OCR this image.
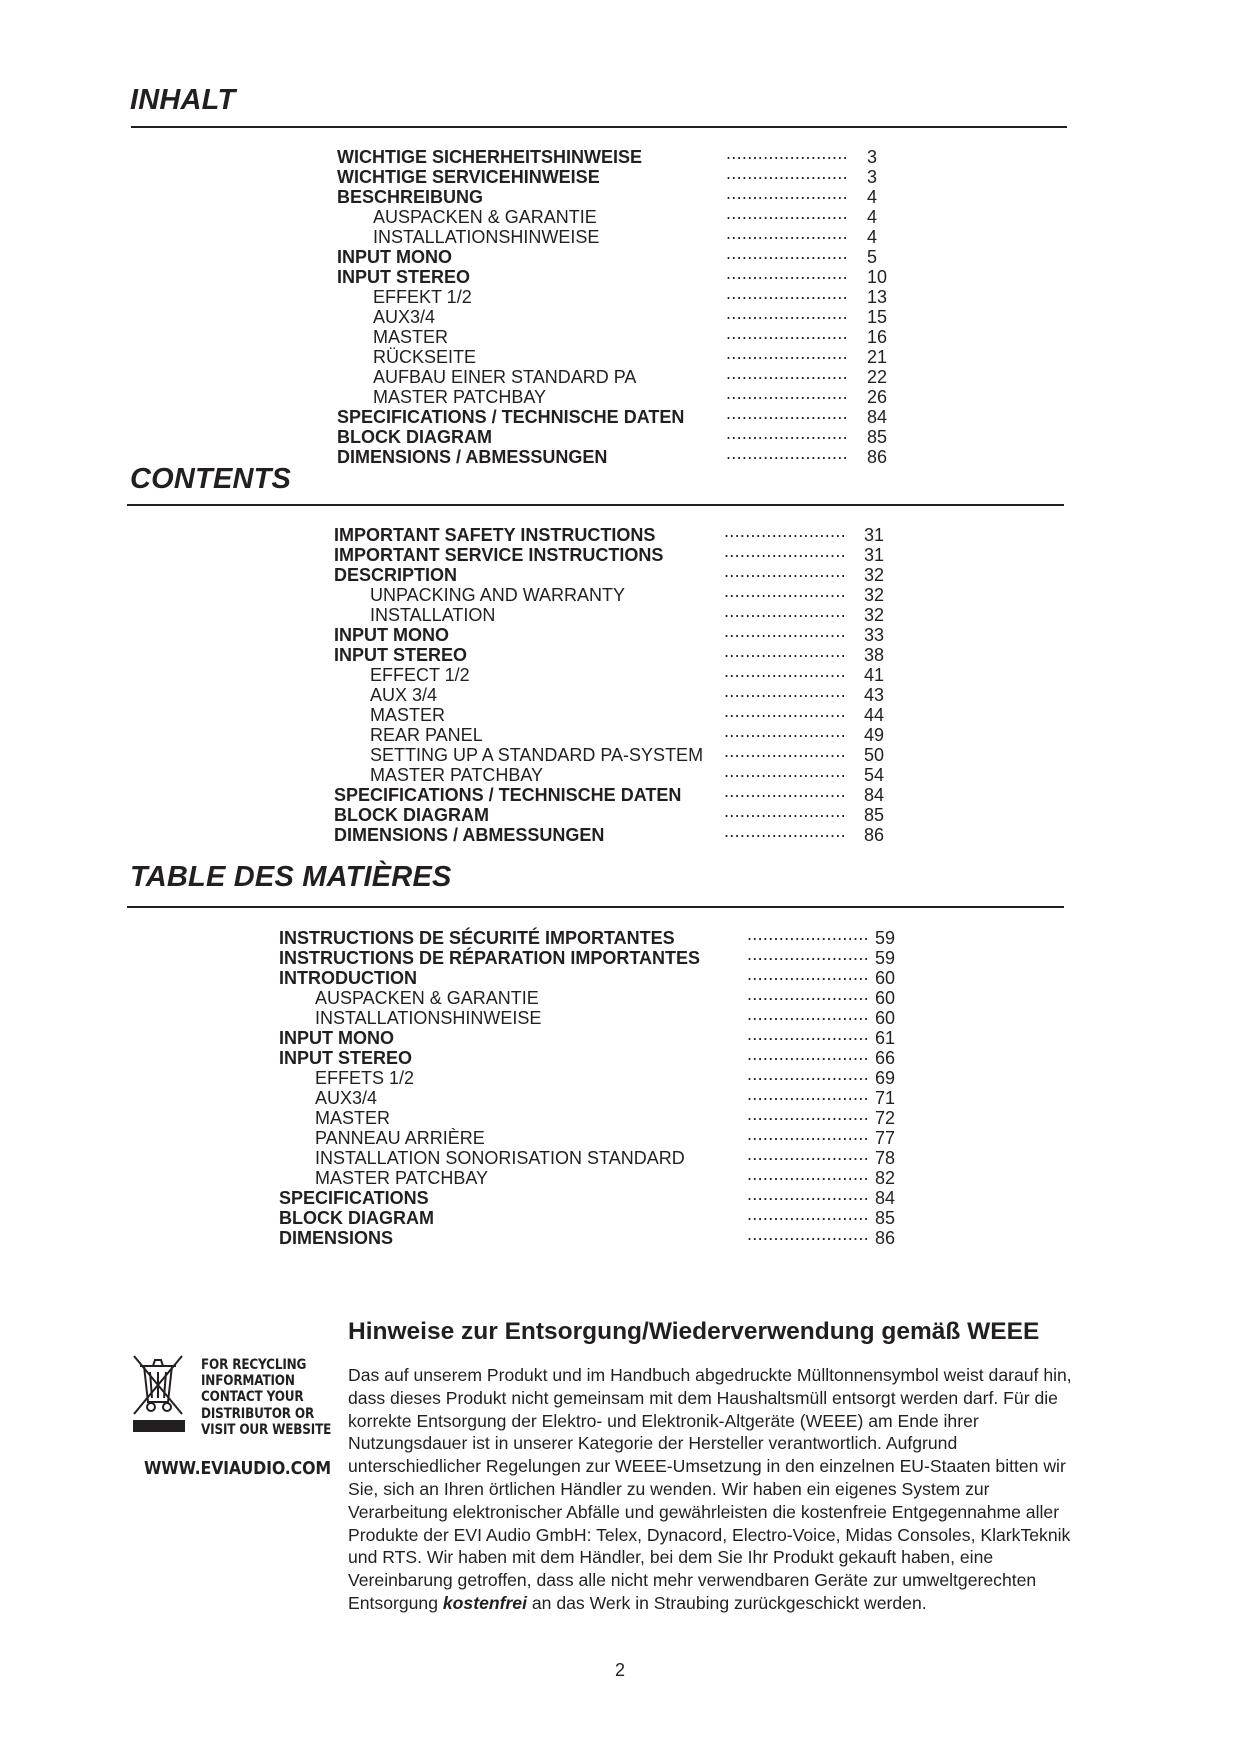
INHALT
WICHTIGE SICHERHEITSHINWEISE	....................... 3
WICHTIGE SERVICEHINWEISE	....................... 3
BESCHREIBUNG	....................... 4
AUSPACKEN & GARANTIE	....................... 4
INSTALLATIONSHINWEISE	....................... 4
INPUT MONO	....................... 5
INPUT STEREO	....................... 10
EFFEKT 1/2	....................... 13
AUX3/4	....................... 15
MASTER	....................... 16
RÜCKSEITE	....................... 21
AUFBAU EINER STANDARD PA	....................... 22
MASTER PATCHBAY	....................... 26
SPECIFICATIONS / TECHNISCHE DATEN ....................... 84
BLOCK DIAGRAM	....................... 85
DIMENSIONS / ABMESSUNGEN	....................... 86
CONTENTS
IMPORTANT SAFETY INSTRUCTIONS	....................... 31
IMPORTANT SERVICE INSTRUCTIONS	....................... 31
DESCRIPTION	....................... 32
UNPACKING AND WARRANTY	....................... 32
INSTALLATION	....................... 32
INPUT MONO	....................... 33
INPUT STEREO	....................... 38
EFFECT 1/2	....................... 41
AUX 3/4	....................... 43
MASTER	....................... 44
REAR PANEL	....................... 49
SETTING UP A STANDARD PA-SYSTEM ....................... 50
MASTER PATCHBAY	....................... 54
SPECIFICATIONS / TECHNISCHE DATEN ....................... 84
BLOCK DIAGRAM	....................... 85
DIMENSIONS / ABMESSUNGEN	....................... 86
TABLE DES MATIÈRES
INSTRUCTIONS DE SÉCURITÉ IMPORTANTES	....................... 59
INSTRUCTIONS DE RÉPARATION IMPORTANTES	....................... 59
INTRODUCTION	....................... 60
AUSPACKEN & GARANTIE	....................... 60
INSTALLATIONSHINWEISE	....................... 60
INPUT MONO	....................... 61
INPUT STEREO	....................... 66
EFFETS 1/2	....................... 69
AUX3/4	....................... 71
MASTER	....................... 72
PANNEAU ARRIÈRE	....................... 77
INSTALLATION SONORISATION STANDARD	....................... 78
MASTER PATCHBAY	....................... 82
SPECIFICATIONS	....................... 84
BLOCK DIAGRAM	....................... 85
DIMENSIONS	....................... 86
FOR RECYCLING
INFORMATION
CONTACT YOUR
DISTRIBUTOR OR
VISIT OUR WEBSITE
WWW.EVIAUDIO.COM
Hinweise zur Entsorgung/Wiederverwendung gemäß WEEE

Das auf unserem Produkt und im Handbuch abgedruckte Mülltonnensymbol weist darauf hin, dass dieses Produkt nicht gemeinsam mit dem Haushaltsmüll entsorgt werden darf. Für die korrekte Entsorgung der Elektro- und Elektronik-Altgeräte (WEEE) am Ende ihrer Nutzungsdauer ist in unserer Kategorie der Hersteller verantwortlich. Aufgrund unterschiedlicher Regelungen zur WEEE-Umsetzung in den einzelnen EU-Staaten bitten wir Sie, sich an Ihren örtlichen Händler zu wenden. Wir haben ein eigenes System zur Verarbeitung elektronischer Abfälle und gewährleisten die kostenfreie Entgegennahme aller Produkte der EVI Audio GmbH: Telex, Dynacord, Electro-Voice, Midas Consoles, KlarkTeknik und RTS. Wir haben mit dem Händler, bei dem Sie Ihr Produkt gekauft haben, eine Vereinbarung getroffen, dass alle nicht mehr verwendbaren Geräte zur umweltgerechten Entsorgung kostenfrei an das Werk in Straubing zurückgeschickt werden.

2
